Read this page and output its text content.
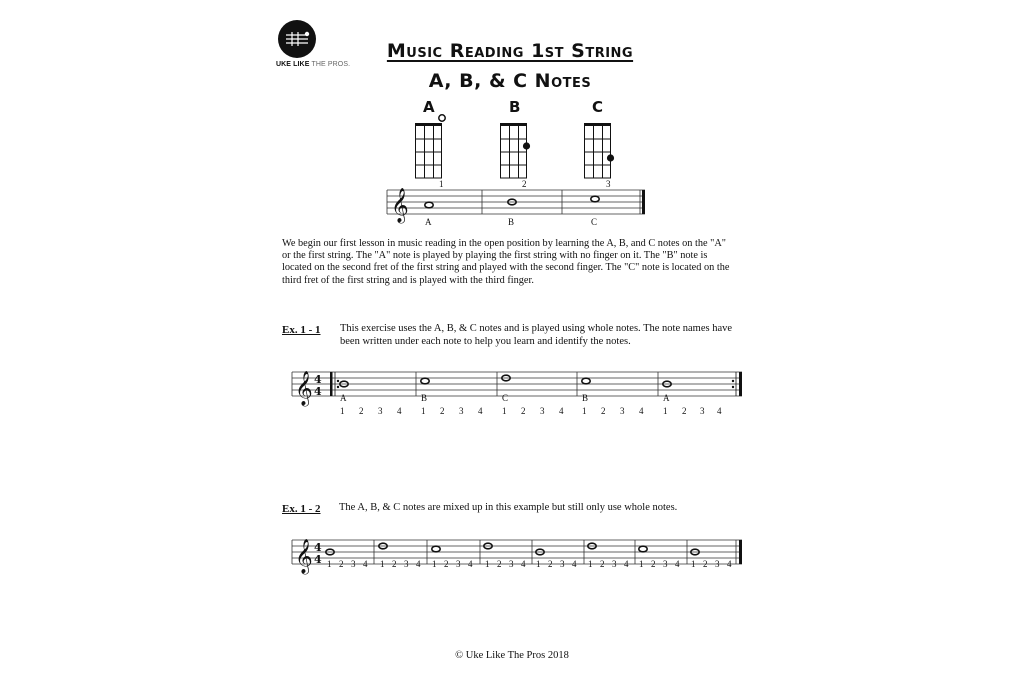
UKE LIKE THE PROS.
Music Reading 1st String
A, B, & C Notes
A	B	C
1	2	3
𝄞 A	B	C
We begin our first lesson in music reading in the open position by learning the A, B, and C notes on the "A" or the first string. The "A" note is played by playing the first string with no finger on it. The "B" note is located on the second fret of the first string and played with the second finger. The "C" note is located on the third fret of the first string and is played with the third finger.
Ex. 1 - 1 This exercise uses the A, B, & C notes and is played using whole notes. The note names have been written under each note to help you learn and identify the notes.
𝄞 4
4 A	B	C	B	A
1 2 3 4 1 2 3 4 1 2 3 4 1 2 3 4 1 2 3 4
Ex. 1 - 2 The A, B, & C notes are mixed up in this example but still only use whole notes.
𝄞 4
4 1 2 3 4 1 2 3 4 1 2 3 4 1 2 3 4 1 2 3 4 1 2 3 4 1 2 3 4 1 2 3 4
© Uke Like The Pros 2018
